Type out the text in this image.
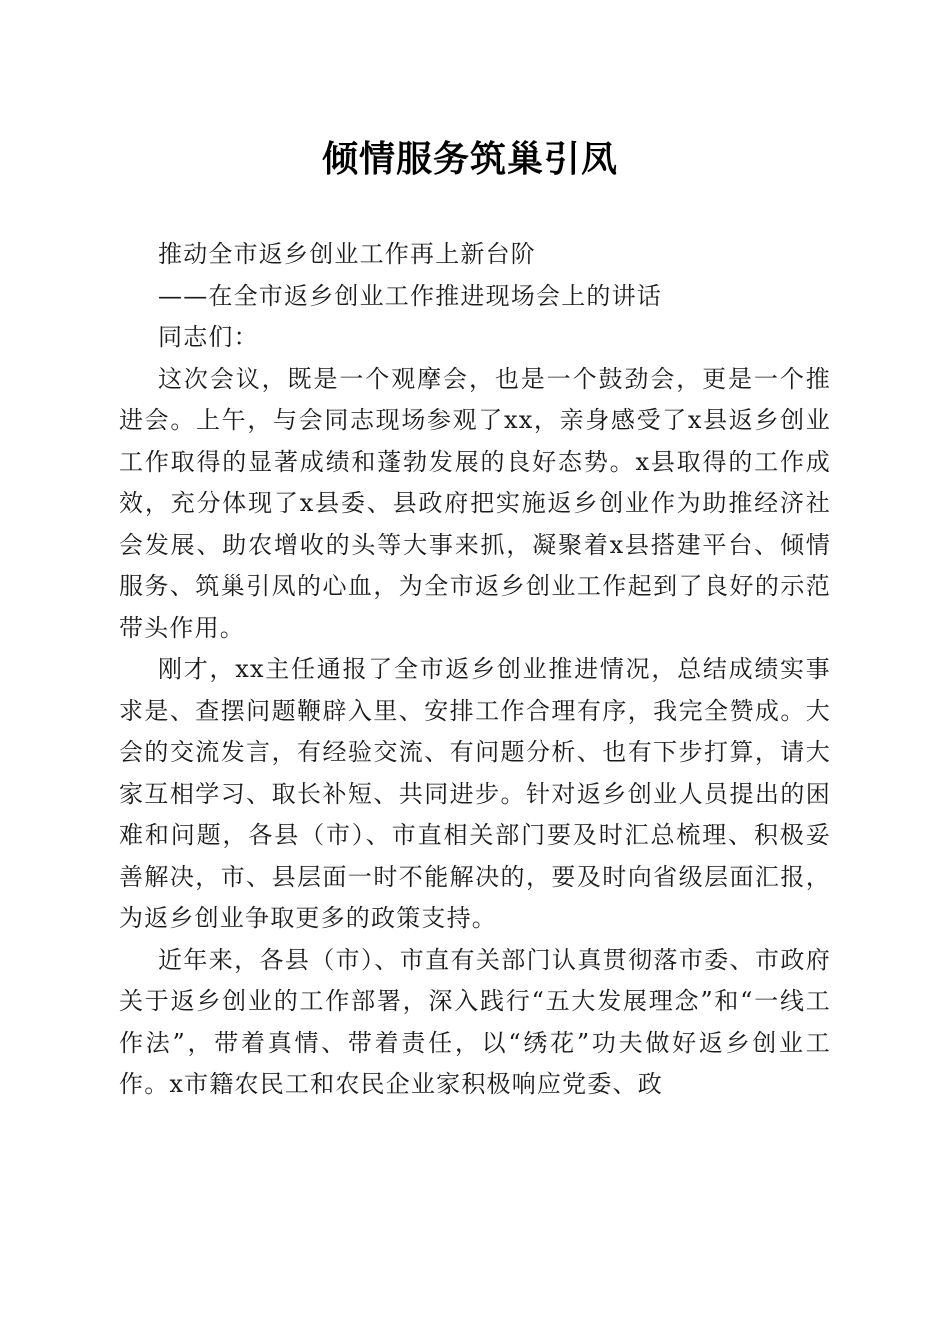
倾情服务筑巢引凤

推动全市返乡创业工作再上新台阶

——在全市返乡创业工作推进现场会上的讲话

同志们：

这次会议，既是一个观摩会，也是一个鼓劲会，更是一个推进会。上午，与会同志现场参观了xx，亲身感受了x县返乡创业工作取得的显著成绩和蓬勃发展的良好态势。x县取得的工作成效，充分体现了x县委、县政府把实施返乡创业作为助推经济社会发展、助农增收的头等大事来抓，凝聚着x县搭建平台、倾情服务、筑巢引凤的心血，为全市返乡创业工作起到了良好的示范带头作用。

刚才，xx主任通报了全市返乡创业推进情况，总结成绩实事求是、查摆问题鞭辟入里、安排工作合理有序，我完全赞成。大会的交流发言，有经验交流、有问题分析、也有下步打算，请大家互相学习、取长补短、共同进步。针对返乡创业人员提出的困难和问题，各县（市）、市直相关部门要及时汇总梳理、积极妥善解决，市、县层面一时不能解决的，要及时向省级层面汇报，为返乡创业争取更多的政策支持。

近年来，各县（市）、市直有关部门认真贯彻落市委、市政府关于返乡创业的工作部署，深入践行“五大发展理念”和“一线工作法”，带着真情、带着责任，以“绣花”功夫做好返乡创业工作。x市籍农民工和农民企业家积极响应党委、政
